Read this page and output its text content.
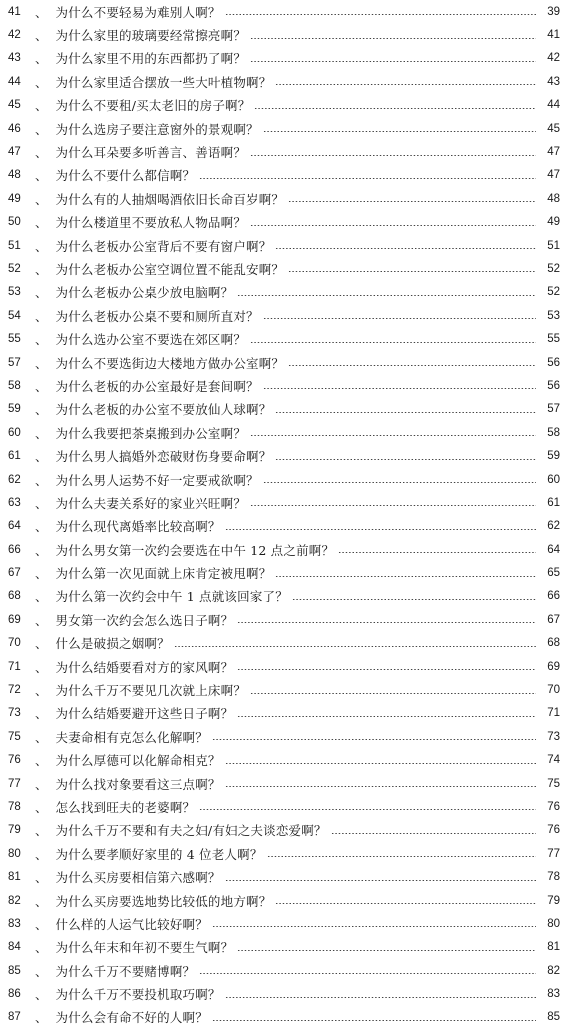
41	、 为什么不要轻易为难别人啊？	39
42	、 为什么家里的玻璃要经常擦亮啊？	41
43	、 为什么家里不用的东西都扔了啊？	42
44	、 为什么家里适合摆放一些大叶植物啊？	43
45	、 为什么不要租/买太老旧的房子啊？	44
46	、 为什么选房子要注意窗外的景观啊？	45
47	、 为什么耳朵要多听善言、善语啊？	47
48	、 为什么不要什么都信啊？	47
49	、 为什么有的人抽烟喝酒依旧长命百岁啊？	48
50	、 为什么楼道里不要放私人物品啊？	49
51	、 为什么老板办公室背后不要有窗户啊？	51
52	、 为什么老板办公室空调位置不能乱安啊？	52
53	、 为什么老板办公桌少放电脑啊？	52
54	、 为什么老板办公桌不要和厕所直对？	53
55	、 为什么选办公室不要选在郊区啊？	55
57	、 为什么不要选街边大楼地方做办公室啊？	56
58	、 为什么老板的办公室最好是套间啊？	56
59	、 为什么老板的办公室不要放仙人球啊？	57
60	、 为什么我要把茶桌搬到办公室啊？	58
61	、 为什么男人搞婚外恋破财伤身要命啊？	59
62	、 为什么男人运势不好一定要戒欲啊？	60
63	、 为什么夫妻关系好的家业兴旺啊？	61
64	、 为什么现代离婚率比较高啊？	62
66	、 为什么男女第一次约会要选在中午 12 点之前啊？	64
67	、 为什么第一次见面就上床肯定被甩啊？	65
68	、 为什么第一次约会中午 1 点就该回家了？	66
69	、 男女第一次约会怎么选日子啊？	67
70	、 什么是破损之姻啊？	68
71	、 为什么结婚要看对方的家风啊？	69
72	、 为什么千万不要见几次就上床啊？	70
73	、 为什么结婚要避开这些日子啊？	71
75	、 夫妻命相有克怎么化解啊？	73
76	、 为什么厚德可以化解命相克？	74
77	、 为什么找对象要看这三点啊？	75
78	、 怎么找到旺夫的老婆啊？	76
79	、 为什么千万不要和有夫之妇/有妇之夫谈恋爱啊？	76
80	、 为什么要孝顺好家里的 4 位老人啊？	77
81	、 为什么买房要相信第六感啊？	78
82	、 为什么买房要选地势比较低的地方啊？	79
83	、 什么样的人运气比较好啊？	80
84	、 为什么年末和年初不要生气啊？	81
85	、 为什么千万不要赌博啊？	82
86	、 为什么千万不要投机取巧啊？	83
87	、 为什么会有命不好的人啊？	85
